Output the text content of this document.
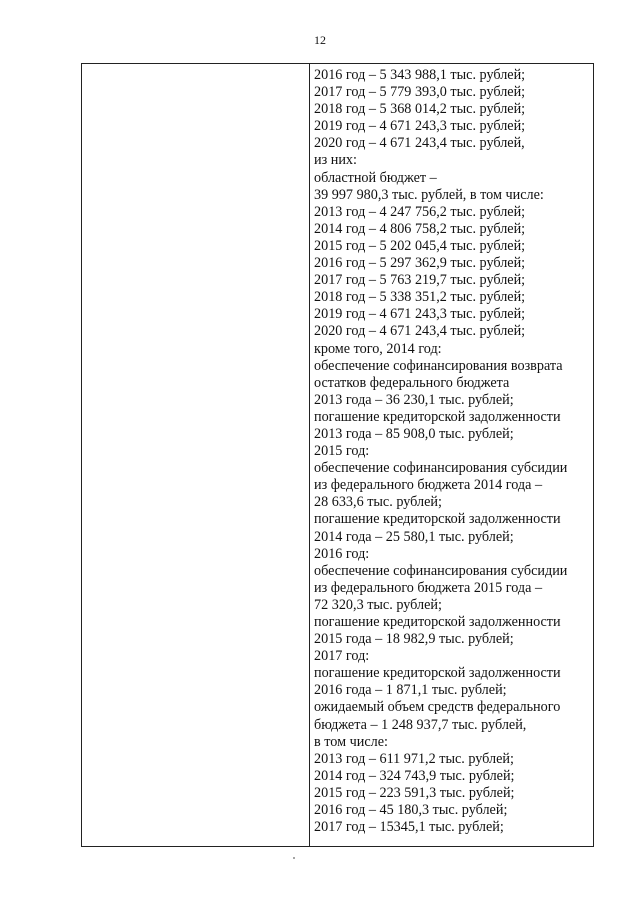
12
2016 год – 5 343 988,1 тыс. рублей;
2017 год – 5 779 393,0 тыс. рублей;
2018 год – 5 368 014,2 тыс. рублей;
2019 год – 4 671 243,3 тыс. рублей;
2020 год – 4 671 243,4 тыс. рублей,
из них:
областной бюджет –
39 997 980,3 тыс. рублей, в том числе:
2013 год – 4 247 756,2 тыс. рублей;
2014 год – 4 806 758,2 тыс. рублей;
2015 год – 5 202 045,4 тыс. рублей;
2016 год – 5 297 362,9 тыс. рублей;
2017 год – 5 763 219,7 тыс. рублей;
2018 год – 5 338 351,2 тыс. рублей;
2019 год – 4 671 243,3 тыс. рублей;
2020 год – 4 671 243,4 тыс. рублей;
кроме того, 2014 год:
обеспечение софинансирования возврата
остатков федерального бюджета
2013 года – 36 230,1 тыс. рублей;
погашение кредиторской задолженности
2013 года – 85 908,0 тыс. рублей;
2015 год:
обеспечение софинансирования субсидии
из федерального бюджета 2014 года –
28 633,6 тыс. рублей;
погашение кредиторской задолженности
2014 года – 25 580,1 тыс. рублей;
2016 год:
обеспечение софинансирования субсидии
из федерального бюджета 2015 года –
72 320,3 тыс. рублей;
погашение кредиторской задолженности
2015 года – 18 982,9 тыс. рублей;
2017 год:
погашение кредиторской задолженности
2016 года – 1 871,1 тыс. рублей;
ожидаемый объем средств федерального
бюджета – 1 248 937,7 тыс. рублей,
в том числе:
2013 год – 611 971,2 тыс. рублей;
2014 год – 324 743,9 тыс. рублей;
2015 год – 223 591,3 тыс. рублей;
2016 год – 45 180,3 тыс. рублей;
2017 год – 15345,1 тыс. рублей;
